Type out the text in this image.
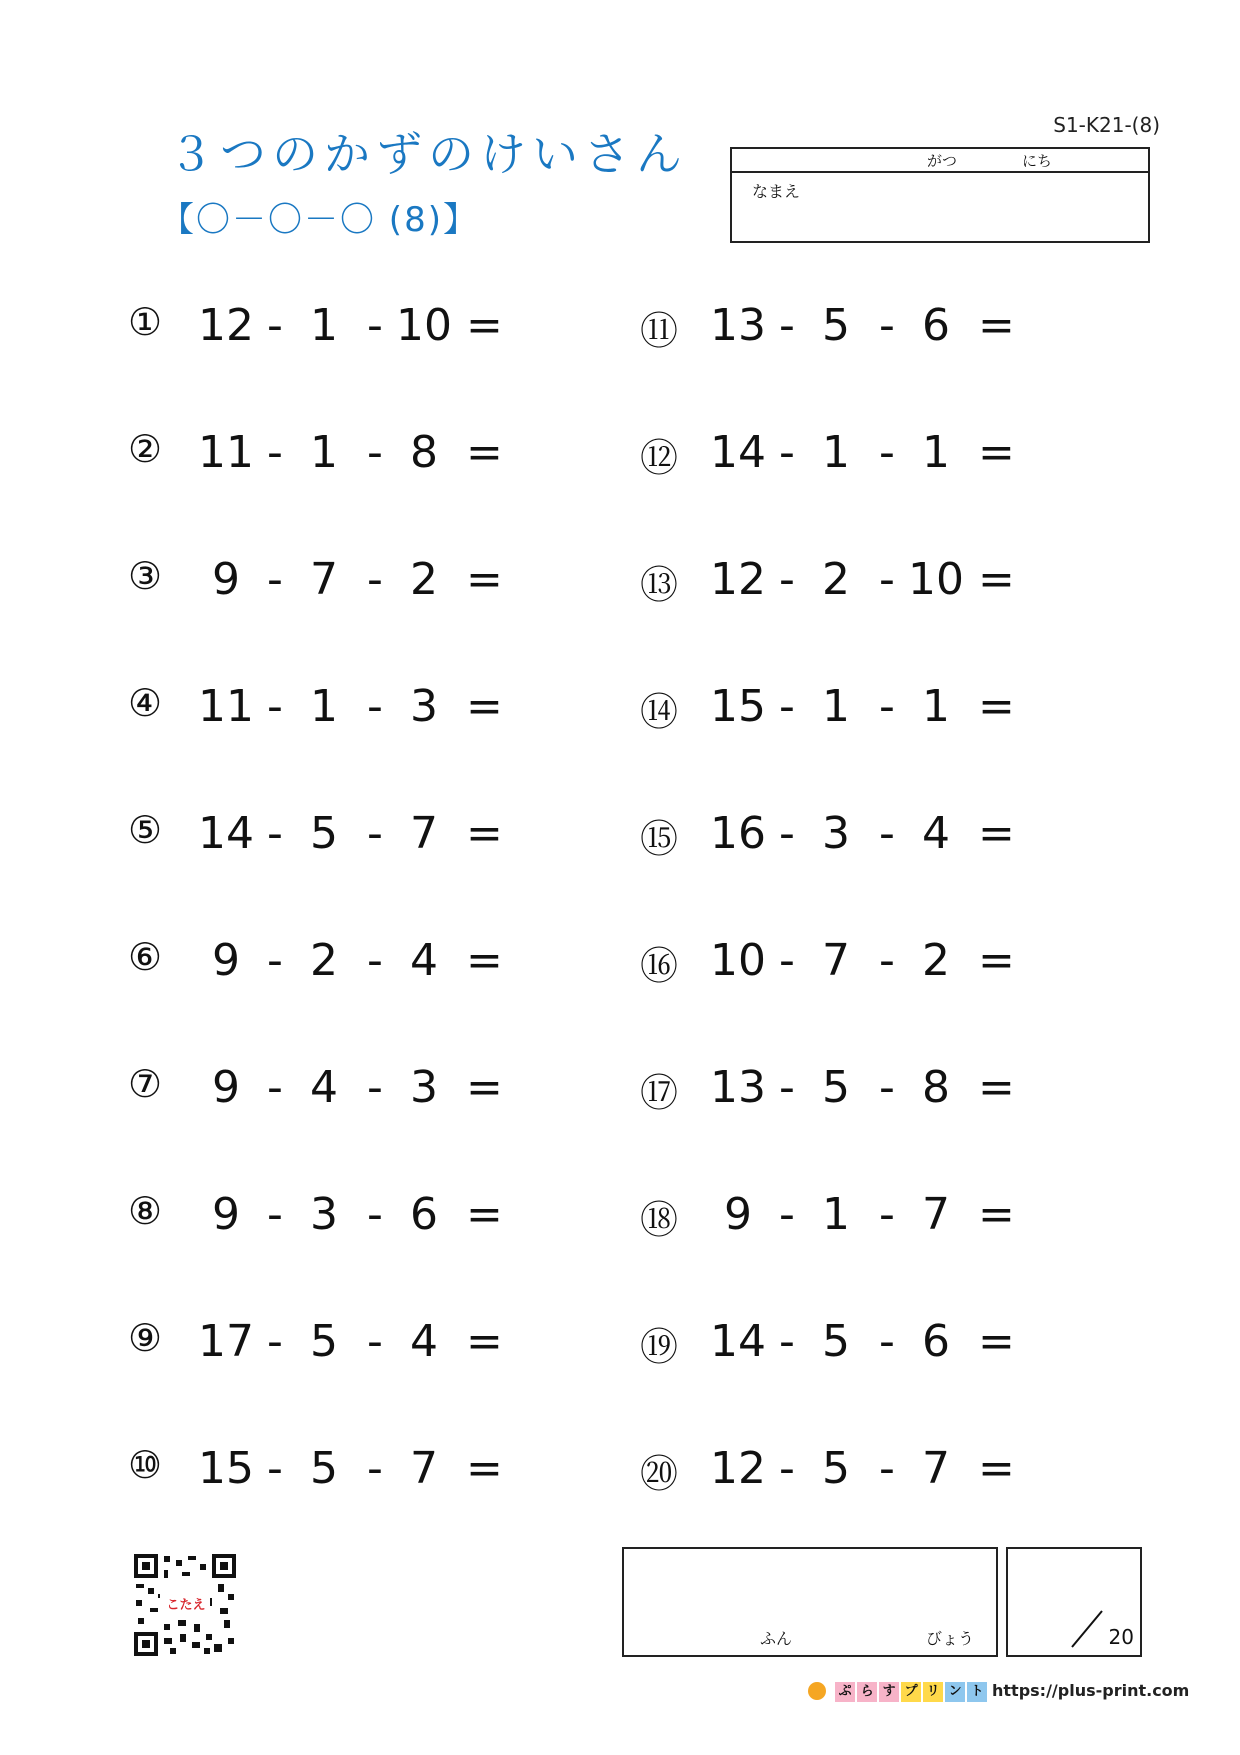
３つのかずのけいさん
【〇－〇－〇 (8)】
S1-K21-(8)
がつ	にち
なまえ
① 12 - 1 - 10 =
② 11 - 1 - 8 =
③	9 - 7 - 2 =
④ 11 - 1 - 3 =
⑤ 14 - 5 - 7 =
⑥	9 - 2 - 4 =
⑦	9 - 4 - 3 =
⑧	9 - 3 - 6 =
⑨ 17 - 5 - 4 =
⑩ 15 - 5 - 7 =
⑪ 13 - 5 - 6 =
⑫ 14 - 1 - 1 =
⑬ 12 - 2 - 10 =
⑭ 15 - 1 - 1 =
⑮ 16 - 3 - 4 =
⑯ 10 - 7 - 2 =
⑰ 13 - 5 - 8 =
⑱	9 - 1 - 7 =
⑲ 14 - 5 - 6 =
⑳ 12 - 5 - 7 =
こたえ
ふん	びょう	20
ぷ ら す プ リ ン ト https://plus-print.com
